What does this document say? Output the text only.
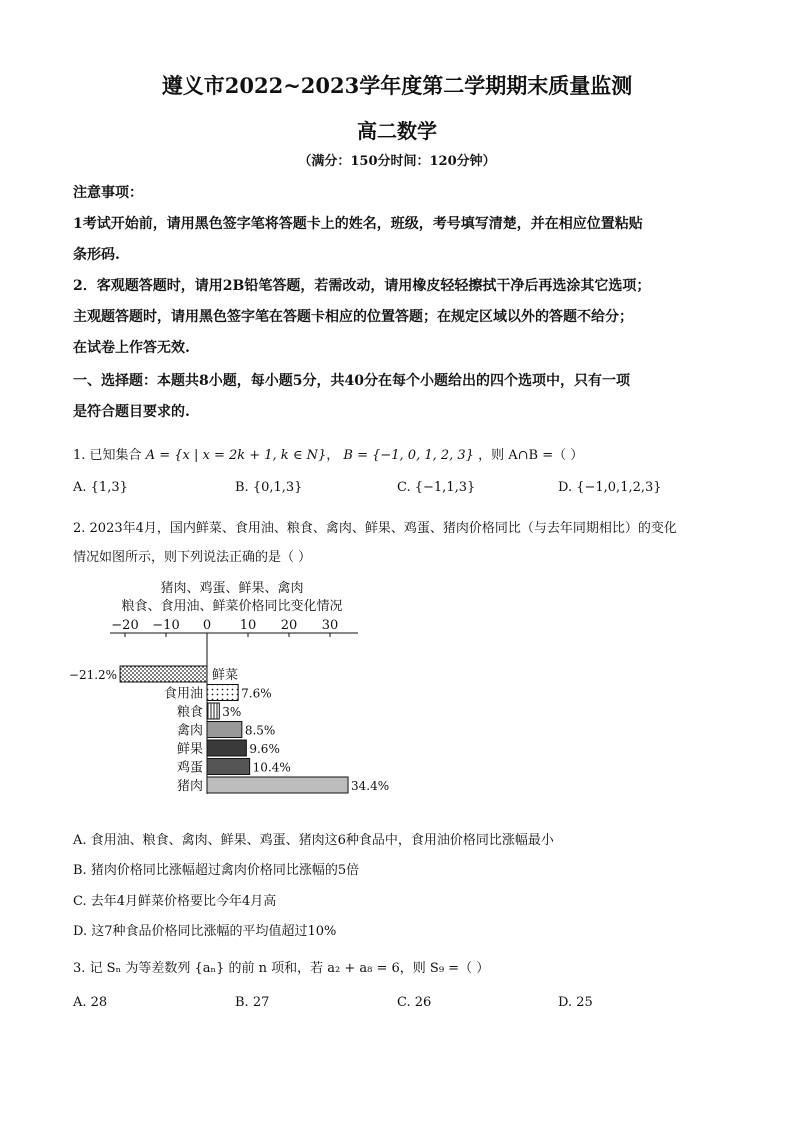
遵义市2022~2023学年度第二学期期末质量监测
高二数学
（满分：150分时间：120分钟）
注意事项：
1考试开始前，请用黑色签字笔将答题卡上的姓名，班级，考号填写清楚，并在相应位置粘贴
条形码.
2．客观题答题时，请用2B铅笔答题，若需改动，请用橡皮轻轻擦拭干净后再选涂其它选项；
主观题答题时，请用黑色签字笔在答题卡相应的位置答题；在规定区域以外的答题不给分；
在试卷上作答无效.
一、选择题：本题共8小题，每小题5分，共40分在每个小题给出的四个选项中，只有一项
是符合题目要求的.
1. 已知集合 A = {x | x = 2k + 1, k ∈ N}， B = {−1, 0, 1, 2, 3} ，则 A∩B =（ ）
A. {1,3}	B. {0,1,3}	C. {−1,1,3}	D. {−1,0,1,2,3}
2. 2023年4月，国内鲜菜、食用油、粮食、禽肉、鲜果、鸡蛋、猪肉价格同比（与去年同期相比）的变化
情况如图所示，则下列说法正确的是（ ）
猪肉、鸡蛋、鲜果、禽肉
粮食、食用油、鲜菜价格同比变化情况
−20 −10 0 10 20 30
鲜菜
−21.2%
食用油	7.6%
粮食 3%
禽肉	8.5%
鲜果	9.6%
鸡蛋	10.4%
猪肉	34.4%
A. 食用油、粮食、禽肉、鲜果、鸡蛋、猪肉这6种食品中，食用油价格同比涨幅最小
B. 猪肉价格同比涨幅超过禽肉价格同比涨幅的5倍
C. 去年4月鲜菜价格要比今年4月高
D. 这7种食品价格同比涨幅的平均值超过10%
3. 记 Sₙ 为等差数列 {aₙ} 的前 n 项和，若 a₂ + a₈ = 6，则 S₉ =（ ）
A. 28	B. 27	C. 26	D. 25
